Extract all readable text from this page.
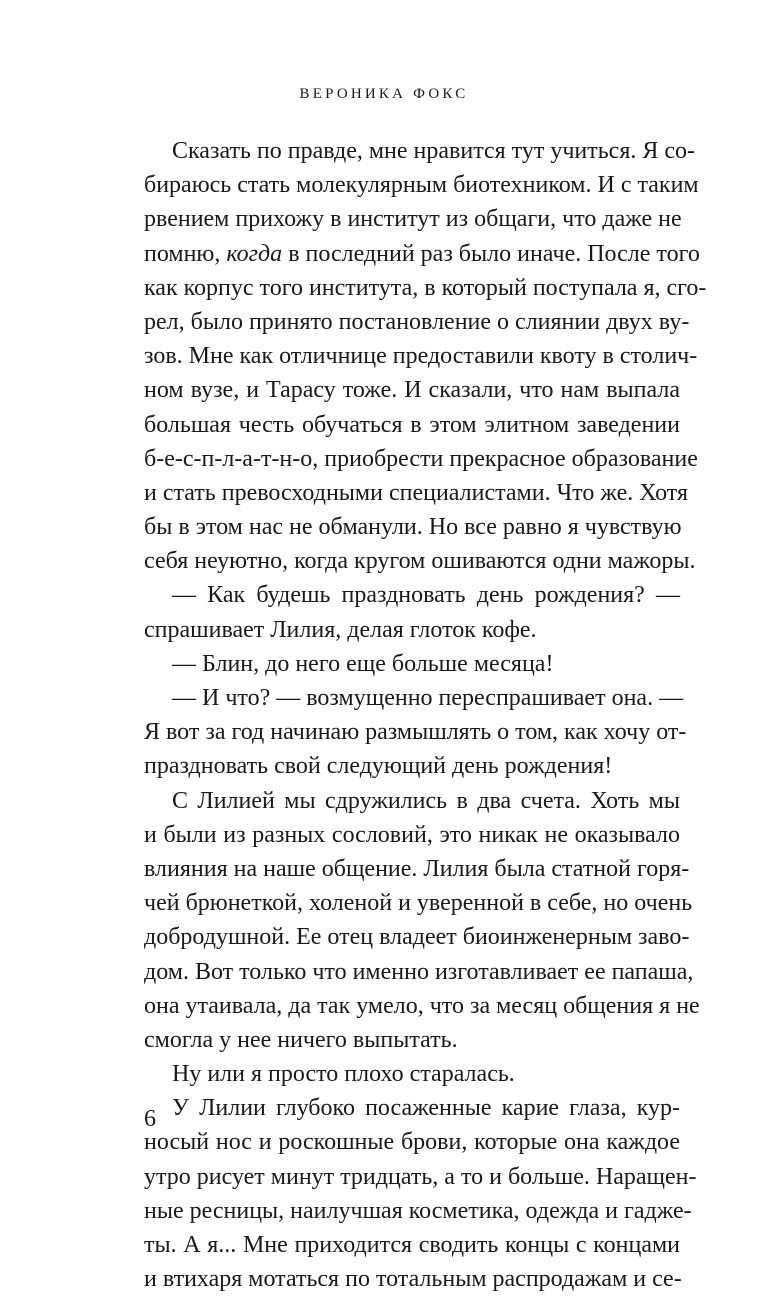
ВЕРОНИКА ФОКС
Сказать по правде, мне нравится тут учиться. Я со-
бираюсь стать молекулярным биотехником. И с таким
рвением прихожу в институт из общаги, что даже не
помню, когда в последний раз было иначе. После того
как корпус того института, в который поступала я, сго-
рел, было принято постановление о слиянии двух ву-
зов. Мне как отличнице предоставили квоту в столич-
ном вузе, и Тарасу тоже. И сказали, что нам выпала
большая честь обучаться в этом элитном заведении
б-е-с-п-л-а-т-н-о, приобрести прекрасное образование
и стать превосходными специалистами. Что же. Хотя
бы в этом нас не обманули. Но все равно я чувствую
себя неуютно, когда кругом ошиваются одни мажоры.
— Как будешь праздновать день рождения? —
спрашивает Лилия, делая глоток кофе.
— Блин, до него еще больше месяца!
— И что? — возмущенно переспрашивает она. —
Я вот за год начинаю размышлять о том, как хочу от-
праздновать свой следующий день рождения!
С Лилией мы сдружились в два счета. Хоть мы
и были из разных сословий, это никак не оказывало
влияния на наше общение. Лилия была статной горя-
чей брюнеткой, холеной и уверенной в себе, но очень
добродушной. Ее отец владеет биоинженерным заво-
дом. Вот только что именно изготавливает ее папаша,
она утаивала, да так умело, что за месяц общения я не
смогла у нее ничего выпытать.
Ну или я просто плохо старалась.
У Лилии глубоко посаженные карие глаза, кур-
носый нос и роскошные брови, которые она каждое
утро рисует минут тридцать, а то и больше. Наращен-
ные ресницы, наилучшая косметика, одежда и гадже-
ты. А я... Мне приходится сводить концы с концами
и втихаря мотаться по тотальным распродажам и се-
6
